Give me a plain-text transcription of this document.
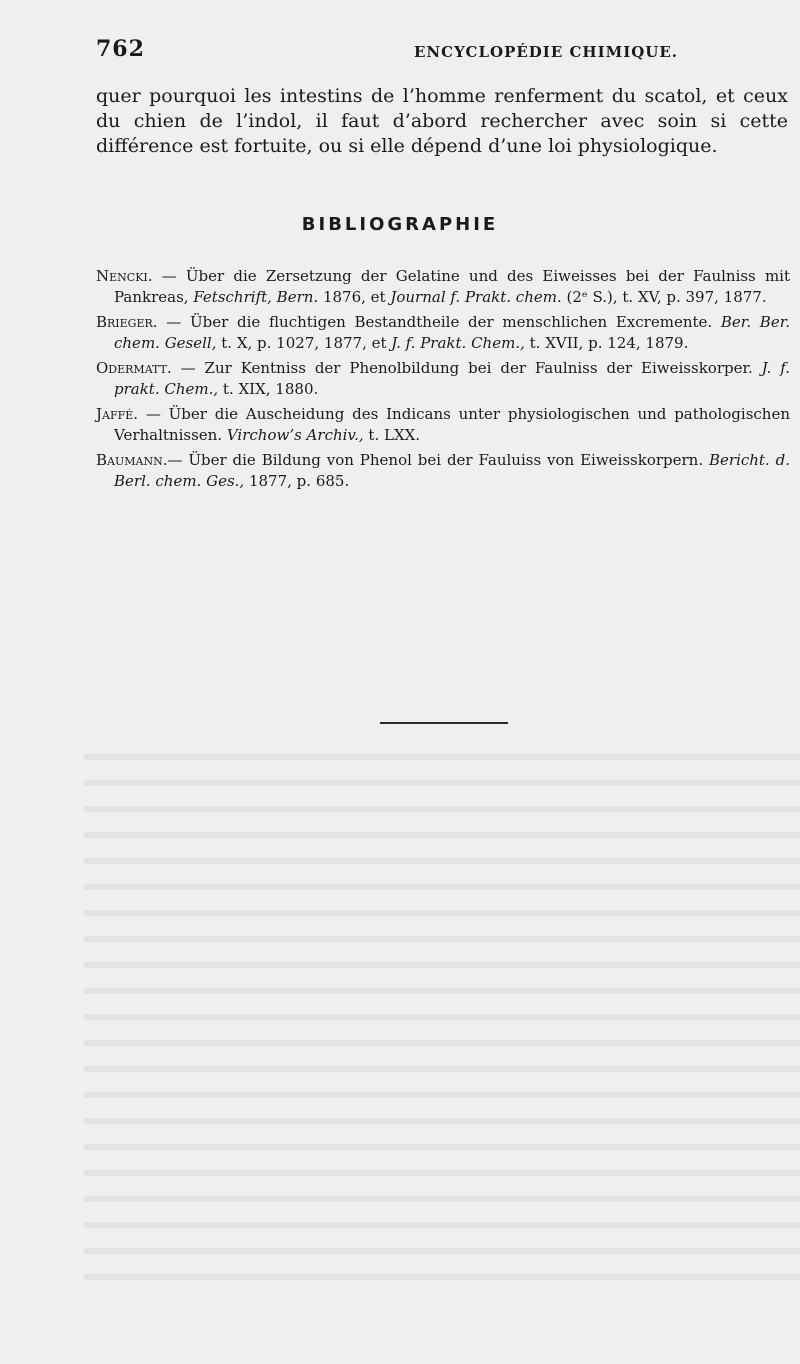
762	ENCYCLOPÉDIE CHIMIQUE.

quer pourquoi les intestins de l’homme renferment du scatol, et ceux du chien de l’indol, il faut d’abord rechercher avec soin si cette différence est fortuite, ou si elle dépend d’une loi physiologique.

BIBLIOGRAPHIE

Nencki. — Über die Zersetzung der Gelatine und des Eiweisses bei der Faulniss mit Pankreas, Fetschrift, Bern. 1876, et Journal f. Prakt. chem. (2ᵉ S.), t. XV, p. 397, 1877.

Brieger. — Über die fluchtigen Bestandtheile der menschlichen Excremente. Ber. Ber. chem. Gesell, t. X, p. 1027, 1877, et J. f. Prakt. Chem., t. XVII, p. 124, 1879.

Odermatt. — Zur Kentniss der Phenolbildung bei der Faulniss der Eiweisskorper. J. f. prakt. Chem., t. XIX, 1880.

Jaffé. — Über die Auscheidung des Indicans unter physiologischen und pathologischen Verhaltnissen. Virchow’s Archiv., t. LXX.

Baumann.— Über die Bildung von Phenol bei der Fauluiss von Eiweisskorpern. Bericht. d. Berl. chem. Ges., 1877, p. 685.
